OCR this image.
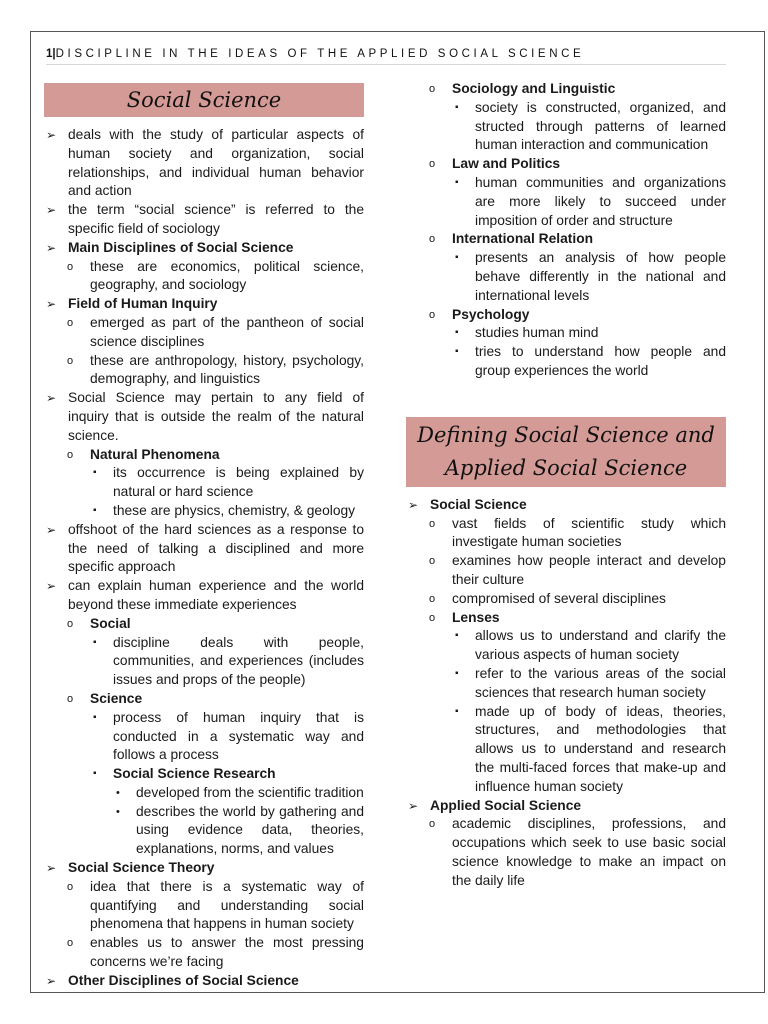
1|DISCIPLINE IN THE IDEAS OF THE APPLIED SOCIAL SCIENCE
Social Science
➢ deals with the study of particular aspects of human society and organization, social relationships, and individual human behavior and action
➢ the term “social science” is referred to the specific field of sociology
➢ Main Disciplines of Social Science
o these are economics, political science, geography, and sociology
➢ Field of Human Inquiry
o emerged as part of the pantheon of social science disciplines
o these are anthropology, history, psychology, demography, and linguistics
➢ Social Science may pertain to any field of inquiry that is outside the realm of the natural science.
o Natural Phenomena
▪ its occurrence is being explained by natural or hard science
▪ these are physics, chemistry, & geology
➢ offshoot of the hard sciences as a response to the need of talking a disciplined and more specific approach
➢ can explain human experience and the world beyond these immediate experiences
o Social
▪ discipline deals with people, communities, and experiences (includes issues and props of the people)
o Science
▪ process of human inquiry that is conducted in a systematic way and follows a process
▪ Social Science Research
• developed from the scientific tradition
• describes the world by gathering and using evidence data, theories, explanations, norms, and values
➢ Social Science Theory
o idea that there is a systematic way of quantifying and understanding social phenomena that happens in human society
o enables us to answer the most pressing concerns we’re facing
➢ Other Disciplines of Social Science
o Sociology and Linguistic
▪ society is constructed, organized, and structed through patterns of learned human interaction and communication
o Law and Politics
▪ human communities and organizations are more likely to succeed under imposition of order and structure
o International Relation
▪ presents an analysis of how people behave differently in the national and international levels
o Psychology
▪ studies human mind
▪ tries to understand how people and group experiences the world
Defining Social Science and
Applied Social Science
➢ Social Science
o vast fields of scientific study which investigate human societies
o examines how people interact and develop their culture
o compromised of several disciplines
o Lenses
▪ allows us to understand and clarify the various aspects of human society
▪ refer to the various areas of the social sciences that research human society
▪ made up of body of ideas, theories, structures, and methodologies that allows us to understand and research the multi-faced forces that make-up and influence human society
➢ Applied Social Science
o academic disciplines, professions, and occupations which seek to use basic social science knowledge to make an impact on the daily life
